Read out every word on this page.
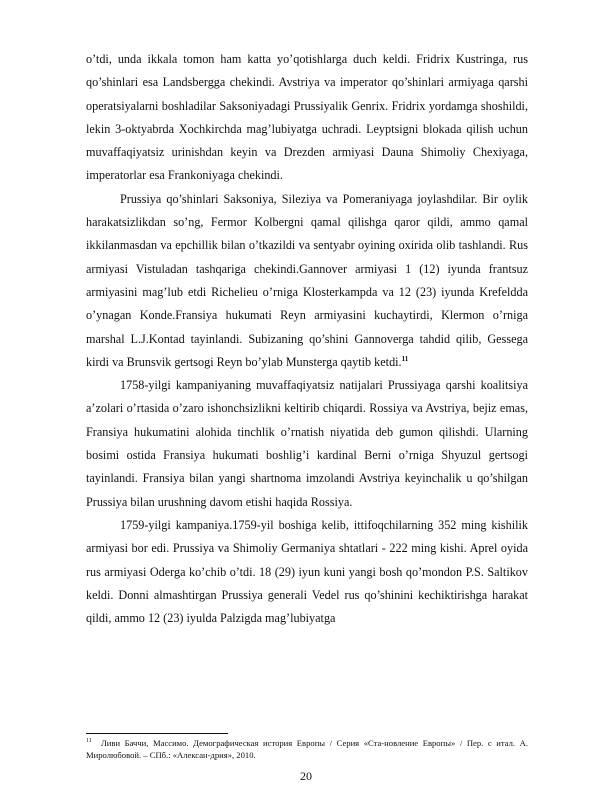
o’tdi, unda ikkala tomon ham katta yo’qotishlarga duch keldi. Fridrix Kustringa, rus qo’shinlari esa Landsbergga chekindi. Avstriya va imperator qo’shinlari armiyaga qarshi operatsiyalarni boshladilar Saksoniyadagi Prussiyalik Genrix. Fridrix yordamga shoshildi, lekin 3-oktyabrda Xochkirchda mag’lubiyatga uchradi. Leyptsigni blokada qilish uchun muvaffaqiyatsiz urinishdan keyin va Drezden armiyasi Dauna Shimoliy Chexiyaga, imperatorlar esa Frankoniyaga chekindi.

Prussiya qo’shinlari Saksoniya, Sileziya va Pomeraniyaga joylashdilar. Bir oylik harakatsizlikdan so’ng, Fermor Kolbergni qamal qilishga qaror qildi, ammo qamal ikkilanmasdan va epchillik bilan o’tkazildi va sentyabr oyining oxirida olib tashlandi. Rus armiyasi Vistuladan tashqariga chekindi.Gannover armiyasi 1 (12) iyunda frantsuz armiyasini mag’lub etdi Richelieu o’rniga Klosterkampda va 12 (23) iyunda Krefeldda o’ynagan Konde.Fransiya hukumati Reyn armiyasini kuchaytirdi, Klermon o’rniga marshal L.J.Kontad tayinlandi. Subizaning qo’shini Gannoverga tahdid qilib, Gessega kirdi va Brunsvik gertsogi Reyn bo’ylab Munsterga qaytib ketdi.$^{11}$

1758-yilgi kampaniyaning muvaffaqiyatsiz natijalari Prussiyaga qarshi koalitsiya a’zolari o’rtasida o’zaro ishonchsizlikni keltirib chiqardi. Rossiya va Avstriya, bejiz emas, Fransiya hukumatini alohida tinchlik o’rnatish niyatida deb gumon qilishdi. Ularning bosimi ostida Fransiya hukumati boshlig’i kardinal Berni o’rniga Shyuzul gertsogi tayinlandi. Fransiya bilan yangi shartnoma imzolandi Avstriya keyinchalik u qo’shilgan Prussiya bilan urushning davom etishi haqida Rossiya.

1759-yilgi kampaniya.1759-yil boshiga kelib, ittifoqchilarning 352 ming kishilik armiyasi bor edi. Prussiya va Shimoliy Germaniya shtatlari - 222 ming kishi. Aprel oyida rus armiyasi Oderga ko’chib o’tdi. 18 (29) iyun kuni yangi bosh qo’mondon P.S. Saltikov keldi. Donni almashtirgan Prussiya generali Vedel rus qo’shinini kechiktirishga harakat qildi, ammo 12 (23) iyulda Palzigda mag’lubiyatga

$^{11}$ Ливи Баччи, Массимо. Демографическая история Европы / Серия «Ста-новление Европы» / Пер. с итал. А. Миролюбовой. – СПб.: «Алексан-дрия», 2010.
20
